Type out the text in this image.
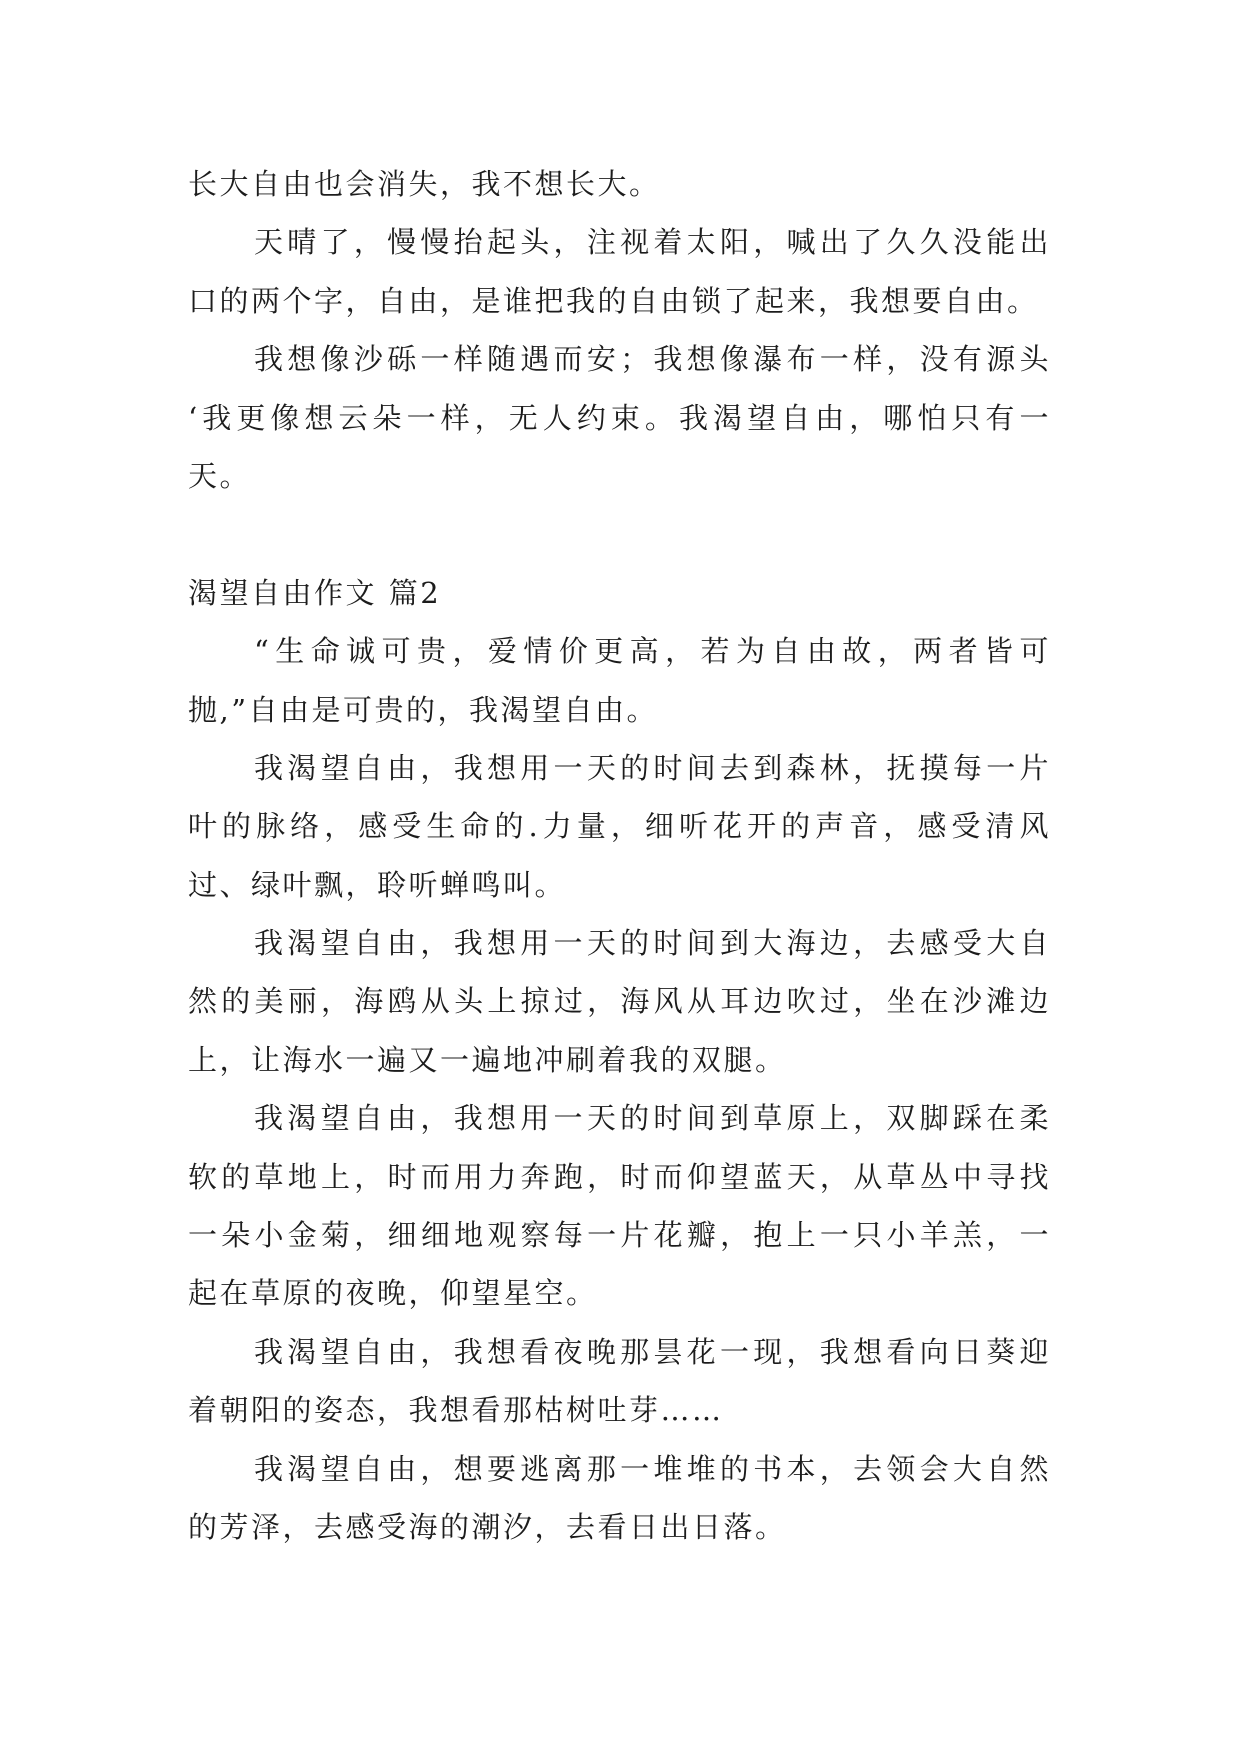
长大自由也会消失，我不想长大。
天晴了，慢慢抬起头，注视着太阳，喊出了久久没能出
口的两个字，自由，是谁把我的自由锁了起来，我想要自由。
我想像沙砾一样随遇而安；我想像瀑布一样，没有源头
‘我更像想云朵一样，无人约束。我渴望自由，哪怕只有一
天。
渴望自由作文 篇2
“生命诚可贵，爱情价更高，若为自由故，两者皆可
抛,”自由是可贵的，我渴望自由。
我渴望自由，我想用一天的时间去到森林，抚摸每一片
叶的脉络，感受生命的.力量，细听花开的声音，感受清风
过、绿叶飘，聆听蝉鸣叫。
我渴望自由，我想用一天的时间到大海边，去感受大自
然的美丽，海鸥从头上掠过，海风从耳边吹过，坐在沙滩边
上，让海水一遍又一遍地冲刷着我的双腿。
我渴望自由，我想用一天的时间到草原上，双脚踩在柔
软的草地上，时而用力奔跑，时而仰望蓝天，从草丛中寻找
一朵小金菊，细细地观察每一片花瓣，抱上一只小羊羔，一
起在草原的夜晚，仰望星空。
我渴望自由，我想看夜晚那昙花一现，我想看向日葵迎
着朝阳的姿态，我想看那枯树吐芽……
我渴望自由，想要逃离那一堆堆的书本，去领会大自然
的芳泽，去感受海的潮汐，去看日出日落。
